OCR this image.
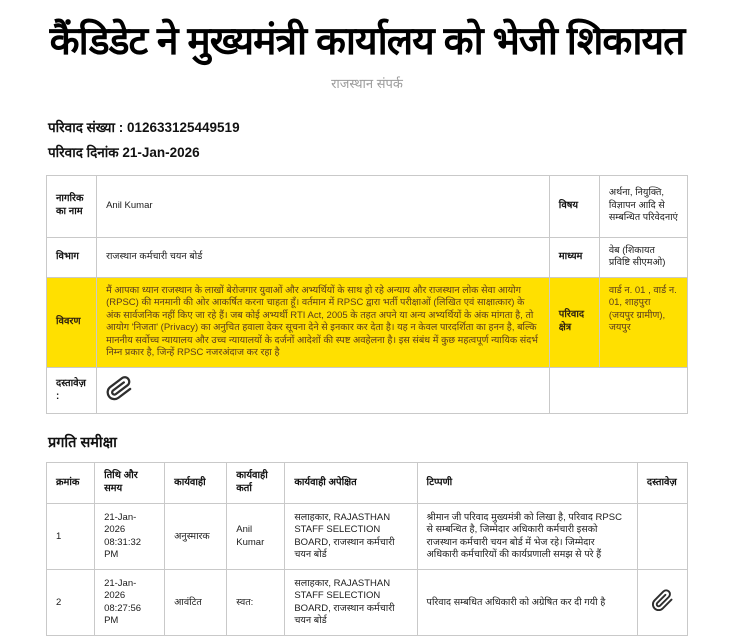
कैंडिडेट ने मुख्यमंत्री कार्यालय को भेजी शिकायत
राजस्थान संपर्क
परिवाद संख्या : 012633125449519
परिवाद दिनांक 21-Jan-2026
नागरिक का नाम	Anil Kumar	विषय	अर्थना, नियुक्ति, विज्ञापन आदि से सम्बन्धित परिवेदनाएं
विभाग	राजस्थान कर्मचारी चयन बोर्ड	माध्यम	वेब (शिकायत प्रविष्टि सीएमओ)
विवरण	मैं आपका ध्यान राजस्थान के लाखों बेरोजगार युवाओं और अभ्यर्थियों के साथ हो रहे अन्याय और राजस्थान लोक सेवा आयोग (RPSC) की मनमानी की ओर आकर्षित करना चाहता हूँ। वर्तमान में RPSC द्वारा भर्ती परीक्षाओं (लिखित एवं साक्षात्कार) के अंक सार्वजनिक नहीं किए जा रहे हैं। जब कोई अभ्यर्थी RTI Act, 2005 के तहत अपने या अन्य अभ्यर्थियों के अंक मांगता है, तो आयोग 'निजता' (Privacy) का अनुचित हवाला देकर सूचना देने से इनकार कर देता है। यह न केवल पारदर्शिता का हनन है, बल्कि माननीय सर्वोच्च न्यायालय और उच्च न्यायालयों के दर्जनों आदेशों की स्पष्ट अवहेलना है। इस संबंध में कुछ महत्वपूर्ण न्यायिक संदर्भ निम्न प्रकार है, जिन्हें RPSC नजरअंदाज कर रहा है	परिवाद क्षेत्र	वार्ड न. 01 , वार्ड न. 01, शाहपुरा (जयपुर ग्रामीण), जयपुर
दस्तावेज़:	

प्रगति समीक्षा
क्रमांक	तिथि और समय	कार्यवाही	कार्यवाही कर्ता	कार्यवाही अपेक्षित	टिप्पणी	दस्तावेज़
1	21-Jan-2026 08:31:32 PM	अनुस्मारक	Anil Kumar	सलाहकार, RAJASTHAN STAFF SELECTION BOARD, राजस्थान कर्मचारी चयन बोर्ड	श्रीमान जी परिवाद मुख्यमंत्री को लिखा है, परिवाद RPSC से सम्बन्धित है, जिम्मेदार अधिकारी कर्मचारी इसको राजस्थान कर्मचारी चयन बोर्ड में भेज रहे। जिम्मेदार अधिकारी कर्मचारियों की कार्यप्रणाली समझ से परे हैं	
2	21-Jan-2026 08:27:56 PM	आवंटित	स्वत:	सलाहकार, RAJASTHAN STAFF SELECTION BOARD, राजस्थान कर्मचारी चयन बोर्ड	परिवाद सम्बधित अधिकारी को अग्रेषित कर दी गयी है	
